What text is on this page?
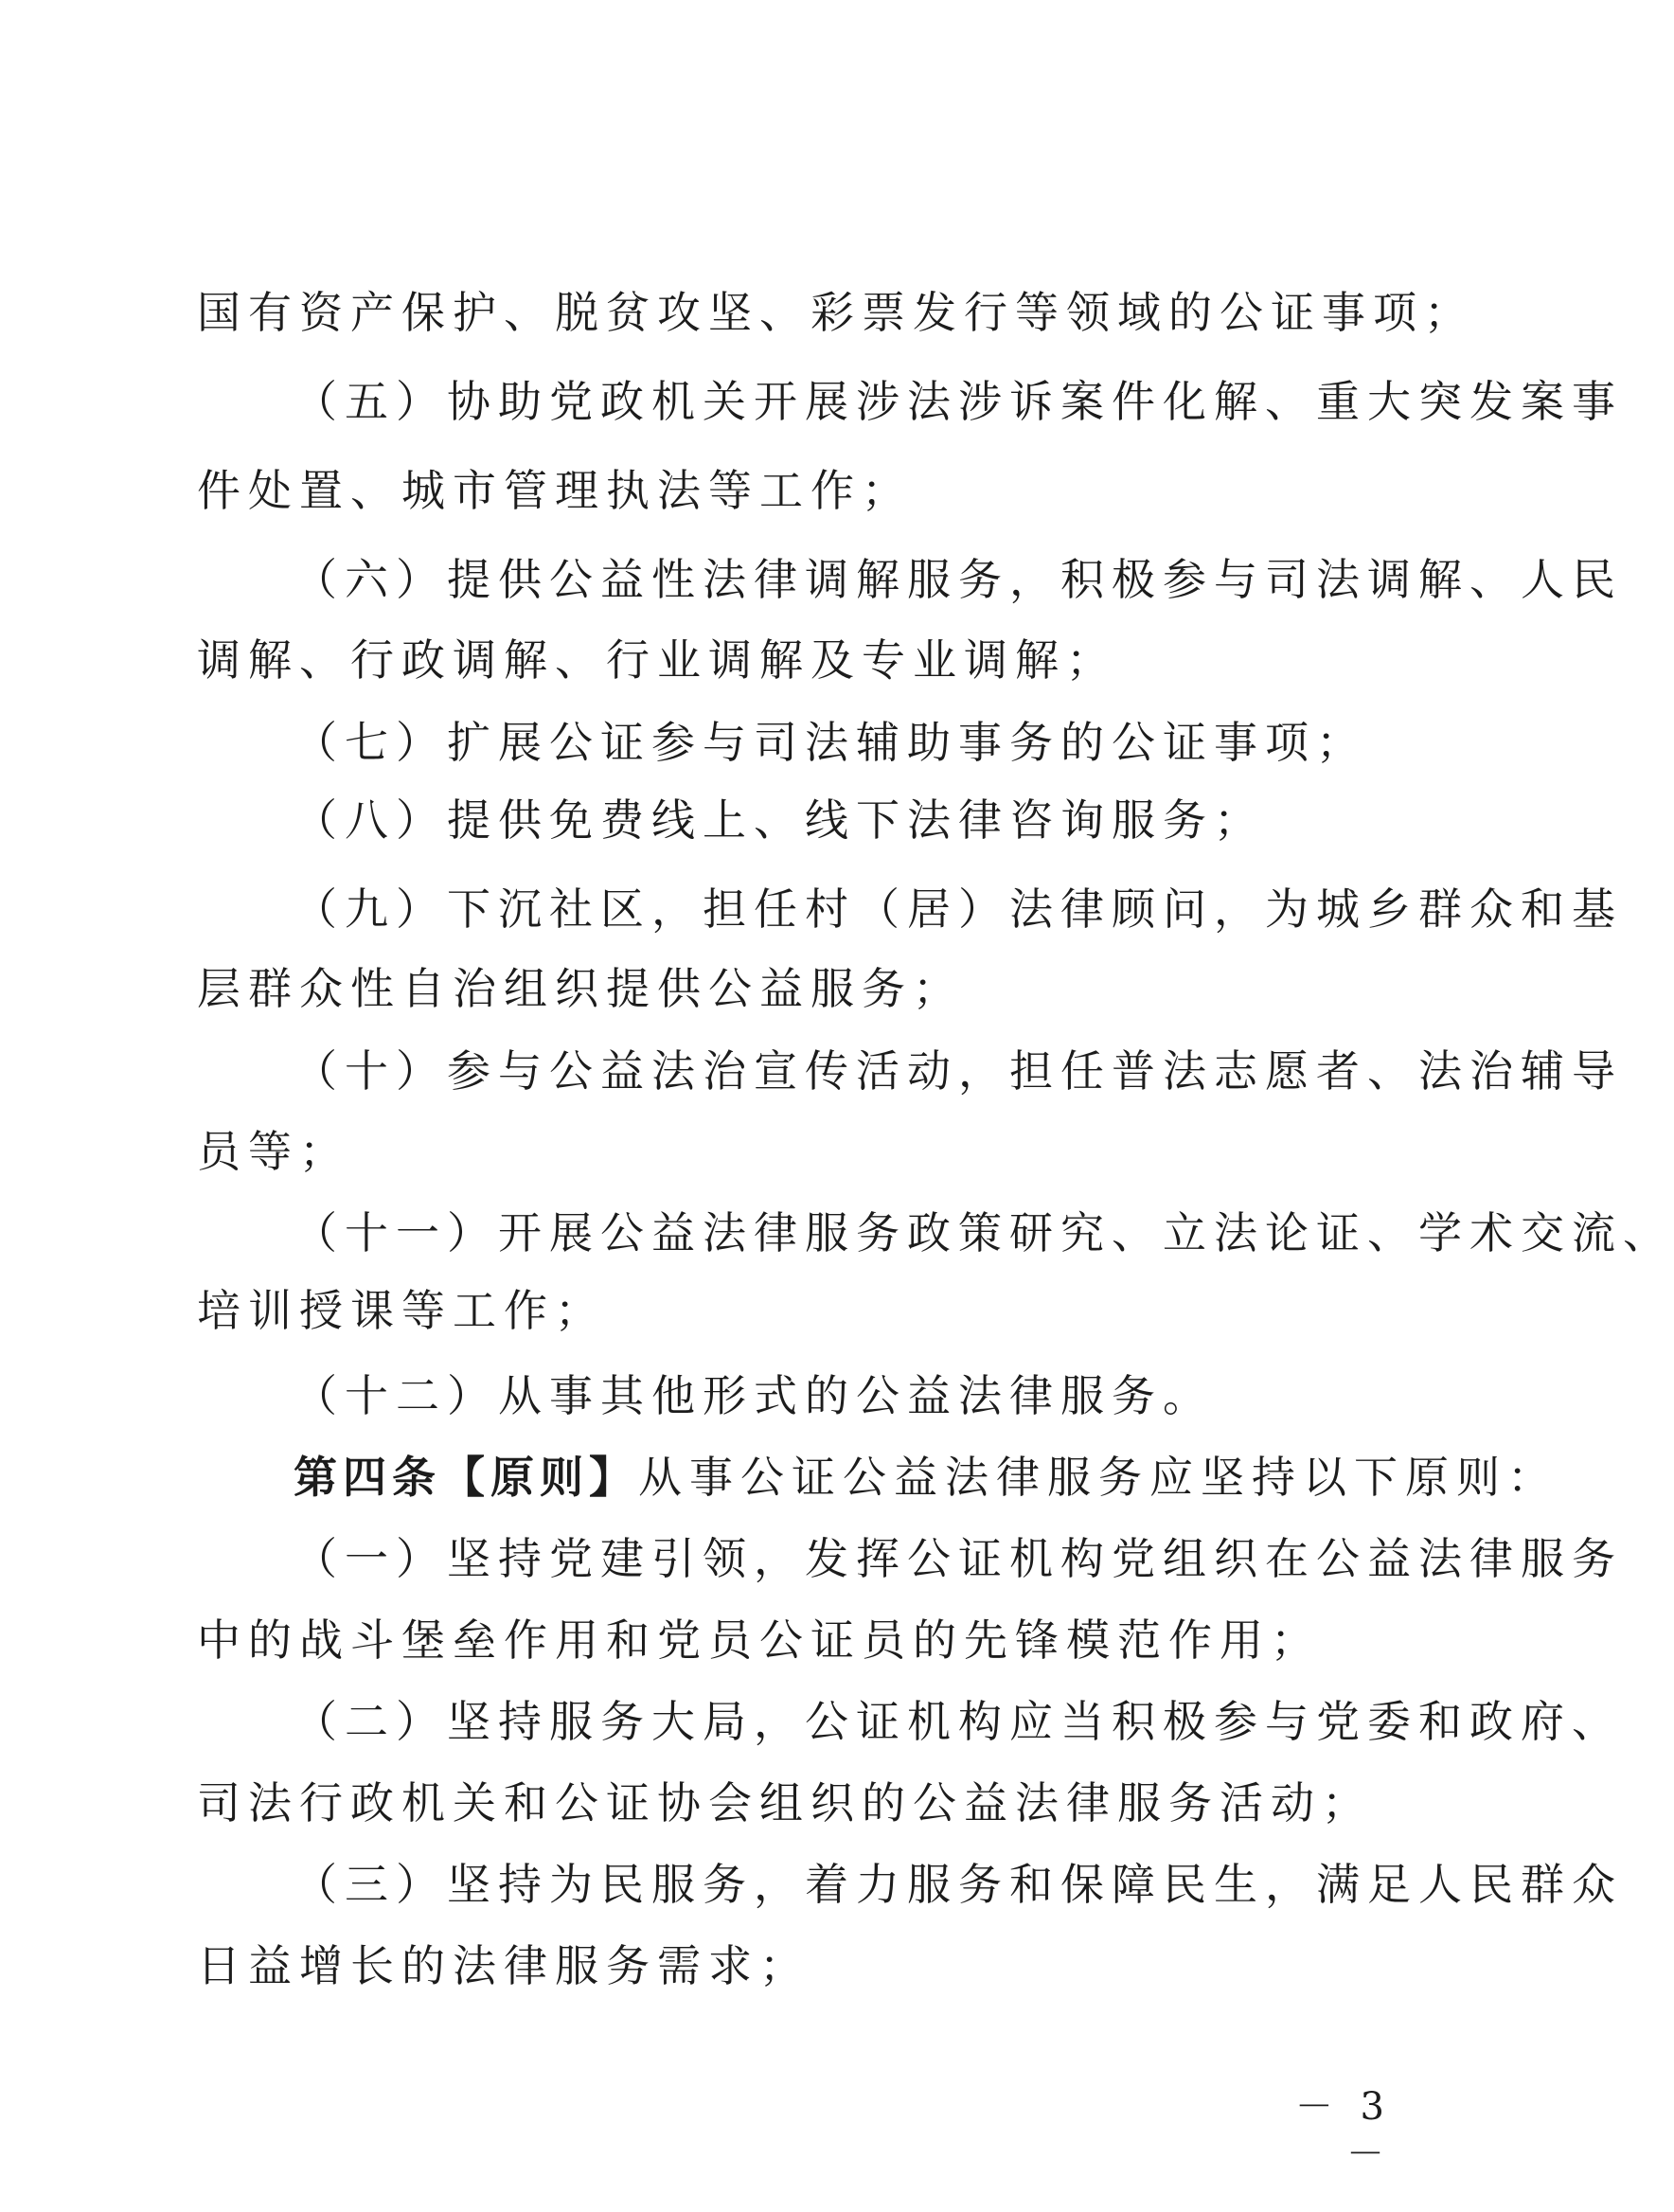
国有资产保护、脱贫攻坚、彩票发行等领域的公证事项；
（五）协助党政机关开展涉法涉诉案件化解、重大突发案事
件处置、城市管理执法等工作；
（六）提供公益性法律调解服务，积极参与司法调解、人民
调解、行政调解、行业调解及专业调解；
（七）扩展公证参与司法辅助事务的公证事项；
（八）提供免费线上、线下法律咨询服务；
（九）下沉社区，担任村（居）法律顾问，为城乡群众和基
层群众性自治组织提供公益服务；
（十）参与公益法治宣传活动，担任普法志愿者、法治辅导
员等；
（十一）开展公益法律服务政策研究、立法论证、学术交流、
培训授课等工作；
（十二）从事其他形式的公益法律服务。
第四条【原则】从事公证公益法律服务应坚持以下原则：
（一）坚持党建引领，发挥公证机构党组织在公益法律服务
中的战斗堡垒作用和党员公证员的先锋模范作用；
（二）坚持服务大局，公证机构应当积极参与党委和政府、
司法行政机关和公证协会组织的公益法律服务活动；
（三）坚持为民服务，着力服务和保障民生，满足人民群众
日益增长的法律服务需求；
－ 3 －
